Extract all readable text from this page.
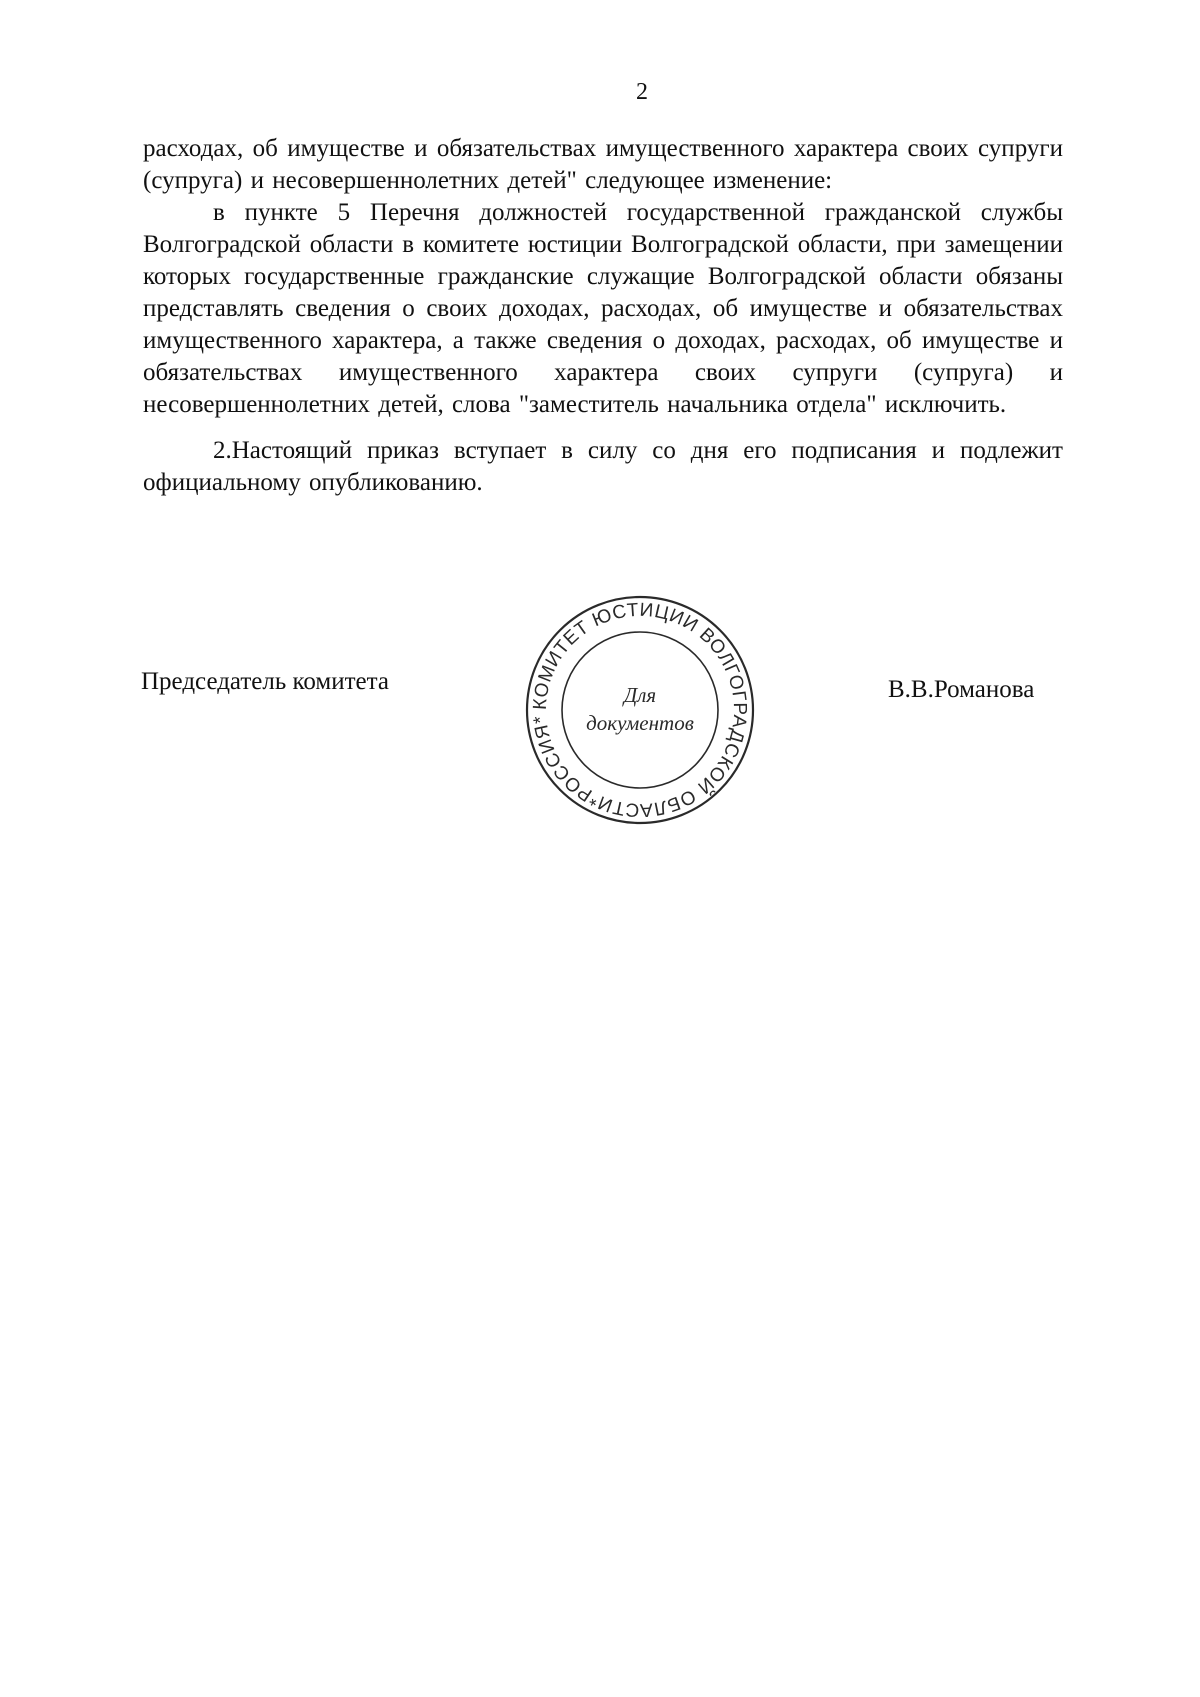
2

расходах, об имуществе и обязательствах имущественного характера своих супруги (супруга) и несовершеннолетних детей" следующее изменение:

в пункте 5 Перечня должностей государственной гражданской службы Волгоградской области в комитете юстиции Волгоградской области, при замещении которых государственные гражданские служащие Волгоградской области обязаны представлять сведения о своих доходах, расходах, об имуществе и обязательствах имущественного характера, а также сведения о доходах, расходах, об имуществе и обязательствах имущественного характера своих супруги (супруга) и несовершеннолетних детей, слова "заместитель начальника отдела" исключить.

2.Настоящий приказ вступает в силу со дня его подписания и подлежит официальному опубликованию.

Председатель комитета
КОМИТЕТ ЮСТИЦИИ ВОЛГОГРАДСКОЙ ОБЛАСТИ*РОССИЯ*
Для
документов
В.В.Романова
